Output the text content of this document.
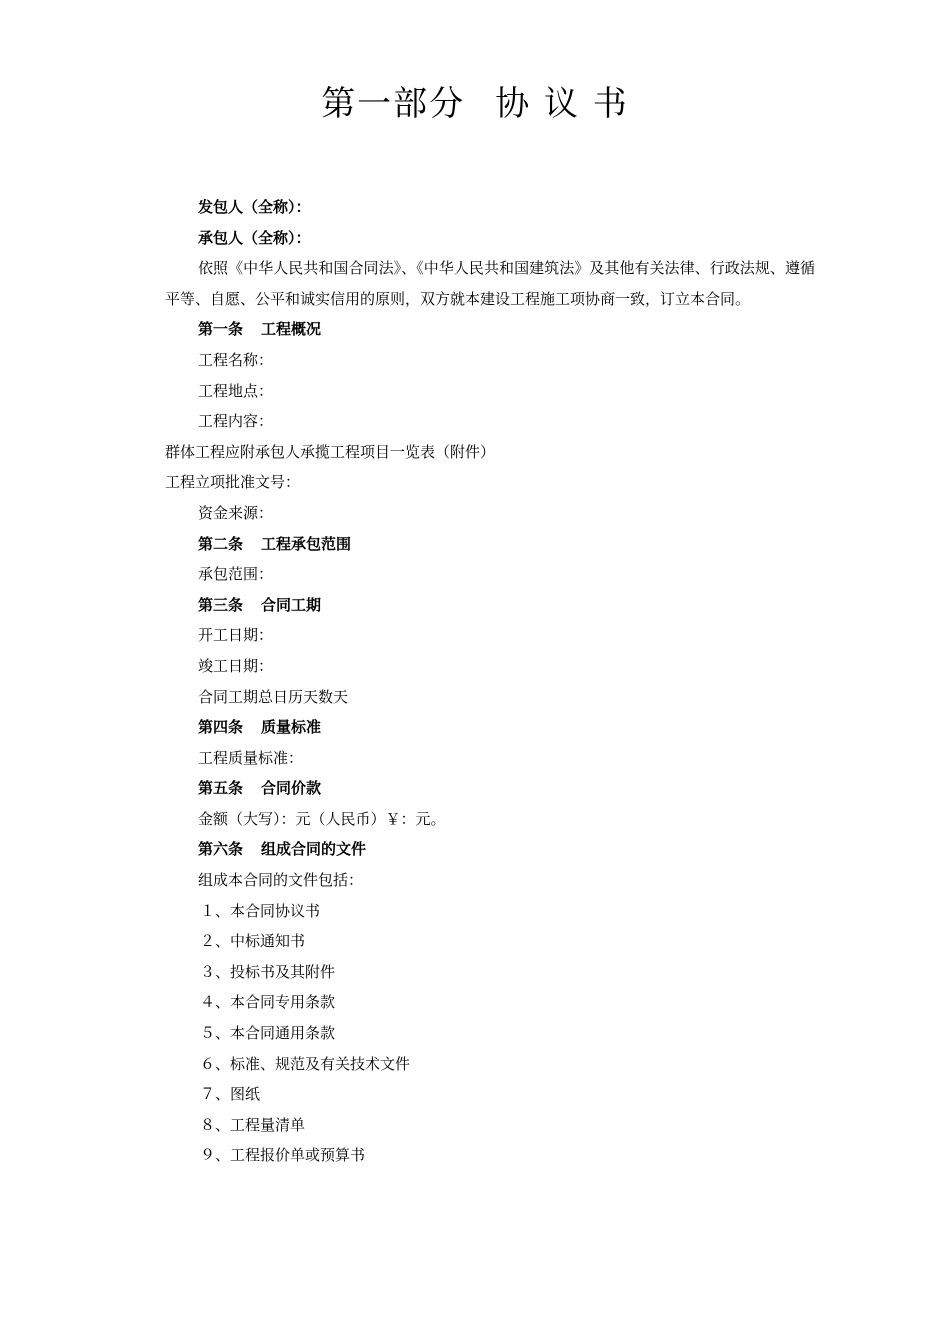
第一部分 协 议 书

发包人（全称）：

承包人（全称）：

依照《中华人民共和国合同法》、《中华人民共和国建筑法》及其他有关法律、行政法规、遵循平等、自愿、公平和诚实信用的原则，双方就本建设工程施工项协商一致，订立本合同。

第一条 工程概况

工程名称：

工程地点：

工程内容：

群体工程应附承包人承揽工程项目一览表（附件）

工程立项批准文号：

资金来源：

第二条 工程承包范围

承包范围：

第三条 合同工期

开工日期：

竣工日期：

合同工期总日历天数天

第四条 质量标准

工程质量标准：

第五条 合同价款

金额（大写）：元（人民币）￥：元。

第六条 组成合同的文件

组成本合同的文件包括：

１、本合同协议书

２、中标通知书

３、投标书及其附件

４、本合同专用条款

５、本合同通用条款

６、标准、规范及有关技术文件

７、图纸

８、工程量清单

９、工程报价单或预算书
